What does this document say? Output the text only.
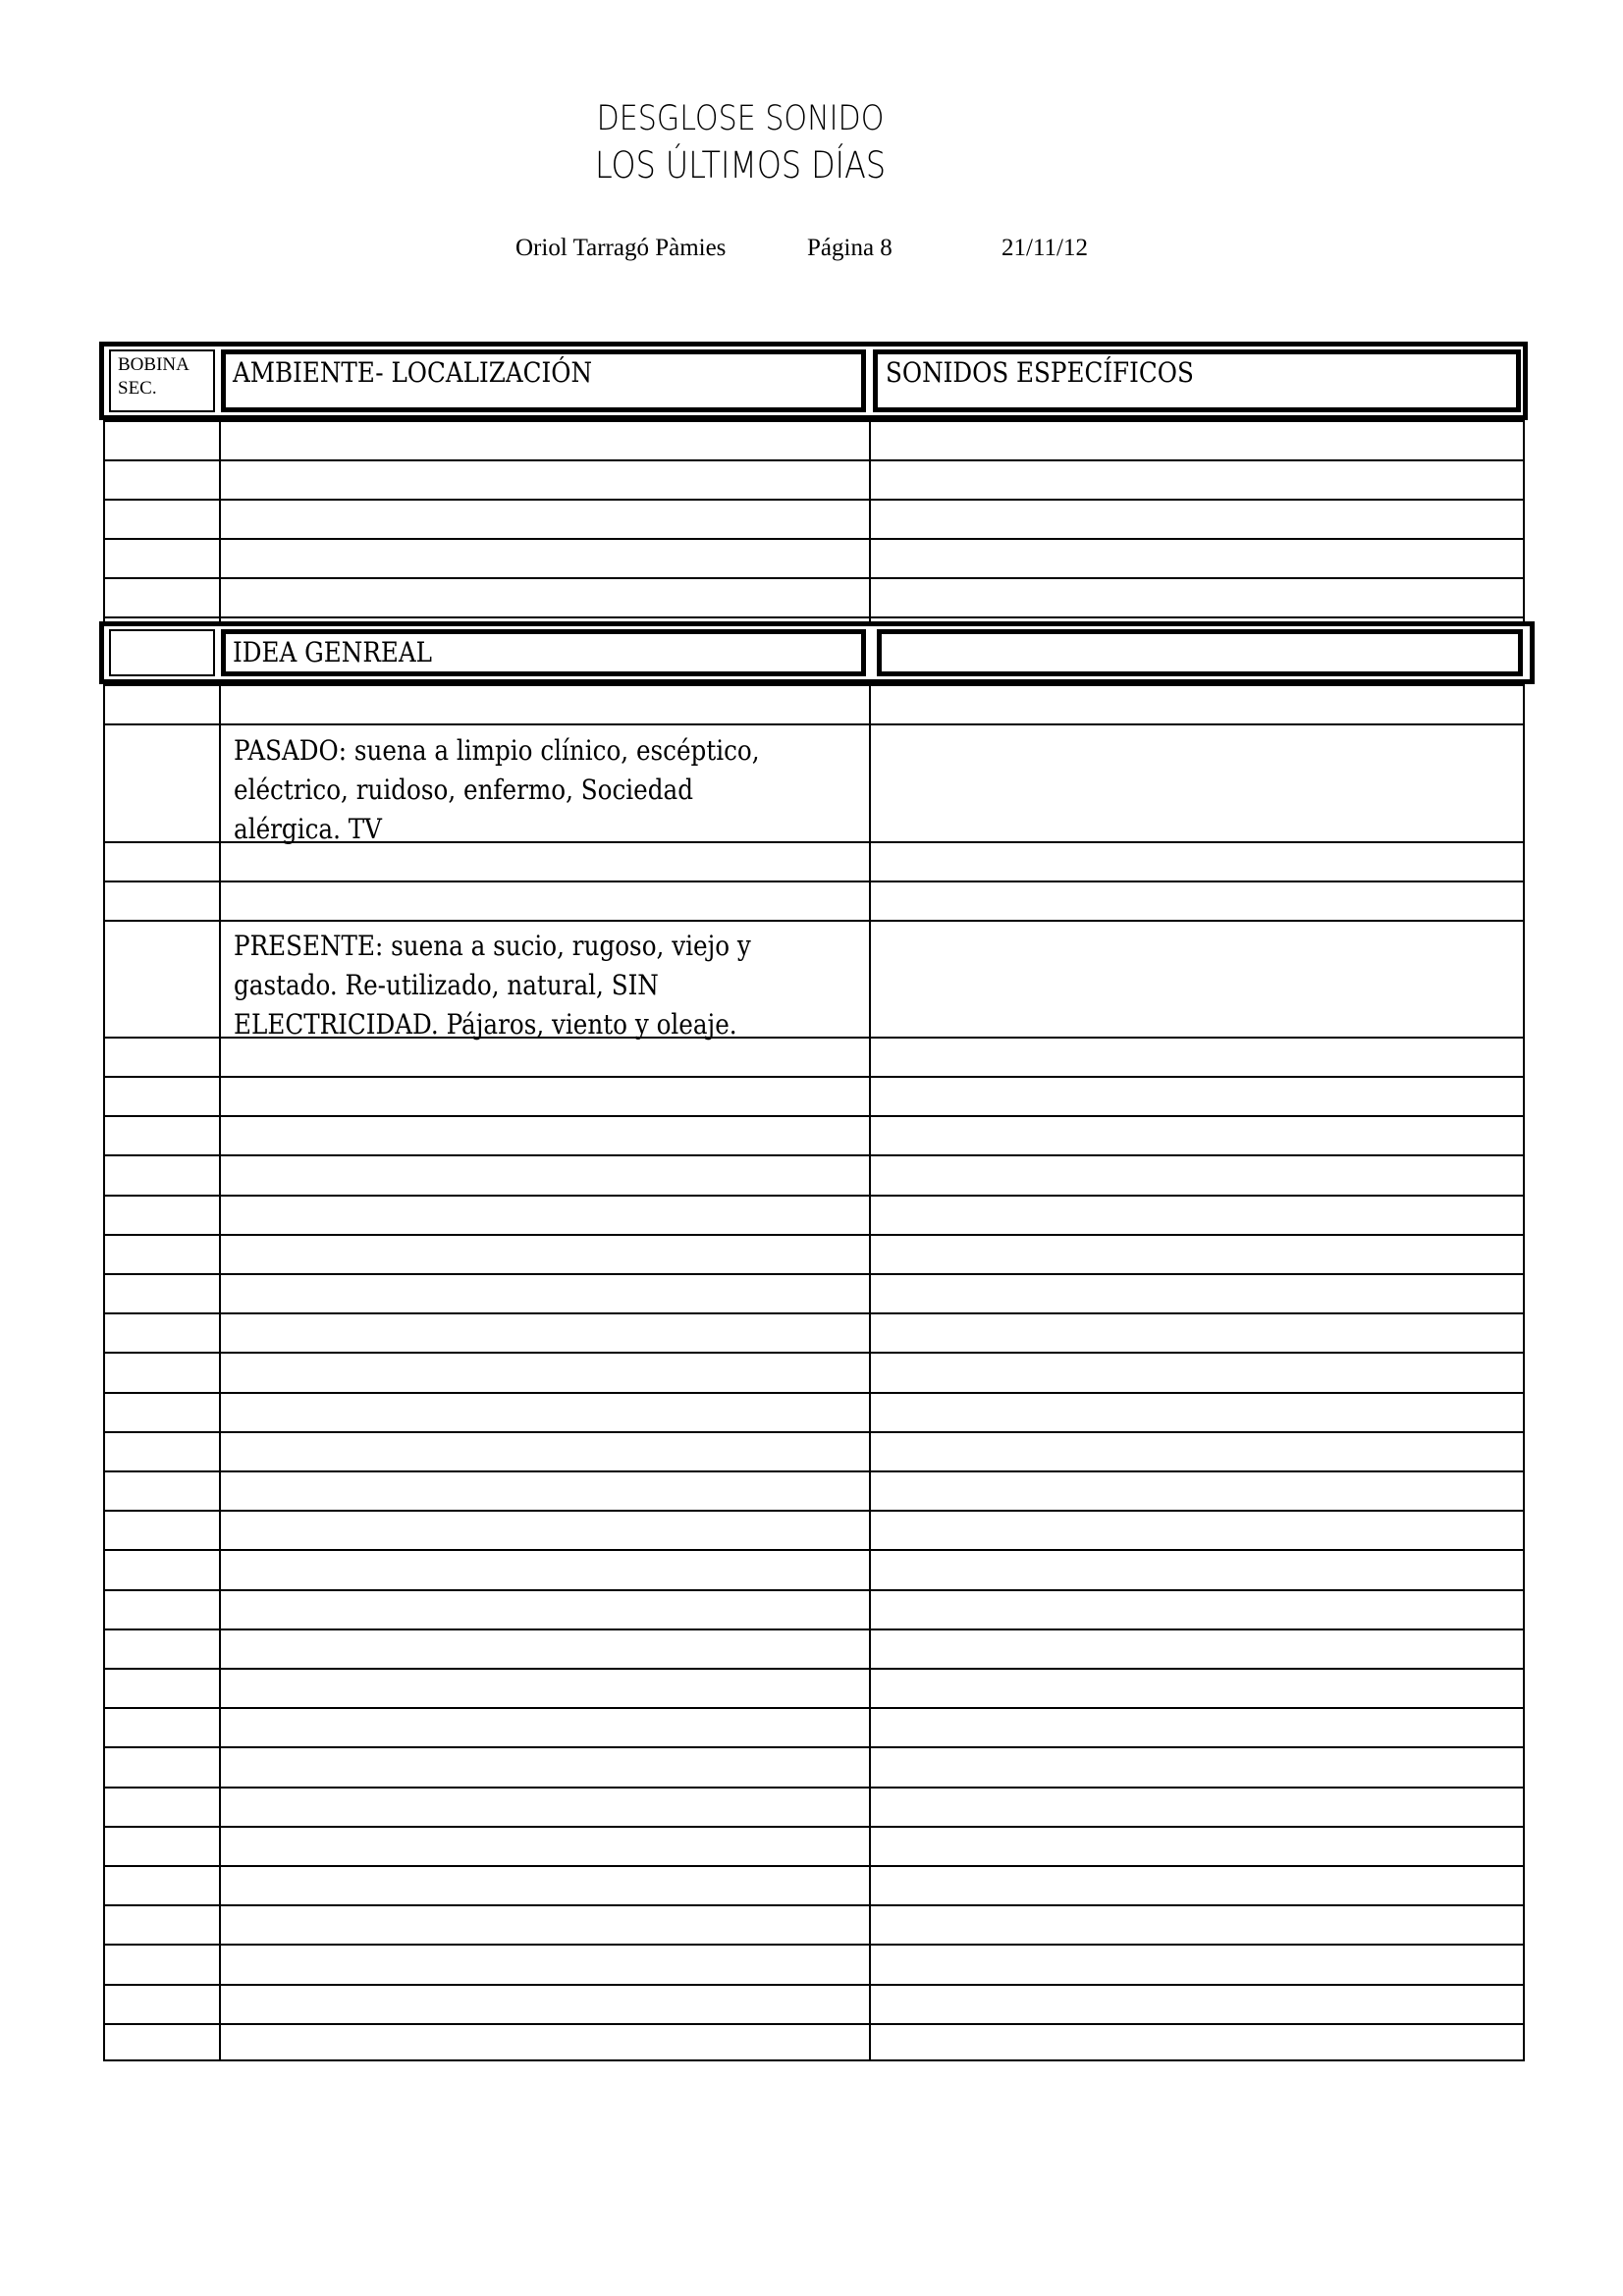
DESGLOSE SONIDO
LOS ÚLTIMOS DÍAS
Oriol Tarragó Pàmies	Página 8	21/11/12
BOBINA
SEC.	AMBIENTE- LOCALIZACIÓN	SONIDOS ESPECÍFICOS
IDEA GENREAL
PASADO: suena a limpio clínico, escéptico,
eléctrico, ruidoso, enfermo, Sociedad
alérgica. TV
PRESENTE: suena a sucio, rugoso, viejo y
gastado. Re-utilizado, natural, SIN
ELECTRICIDAD. Pájaros, viento y oleaje.
